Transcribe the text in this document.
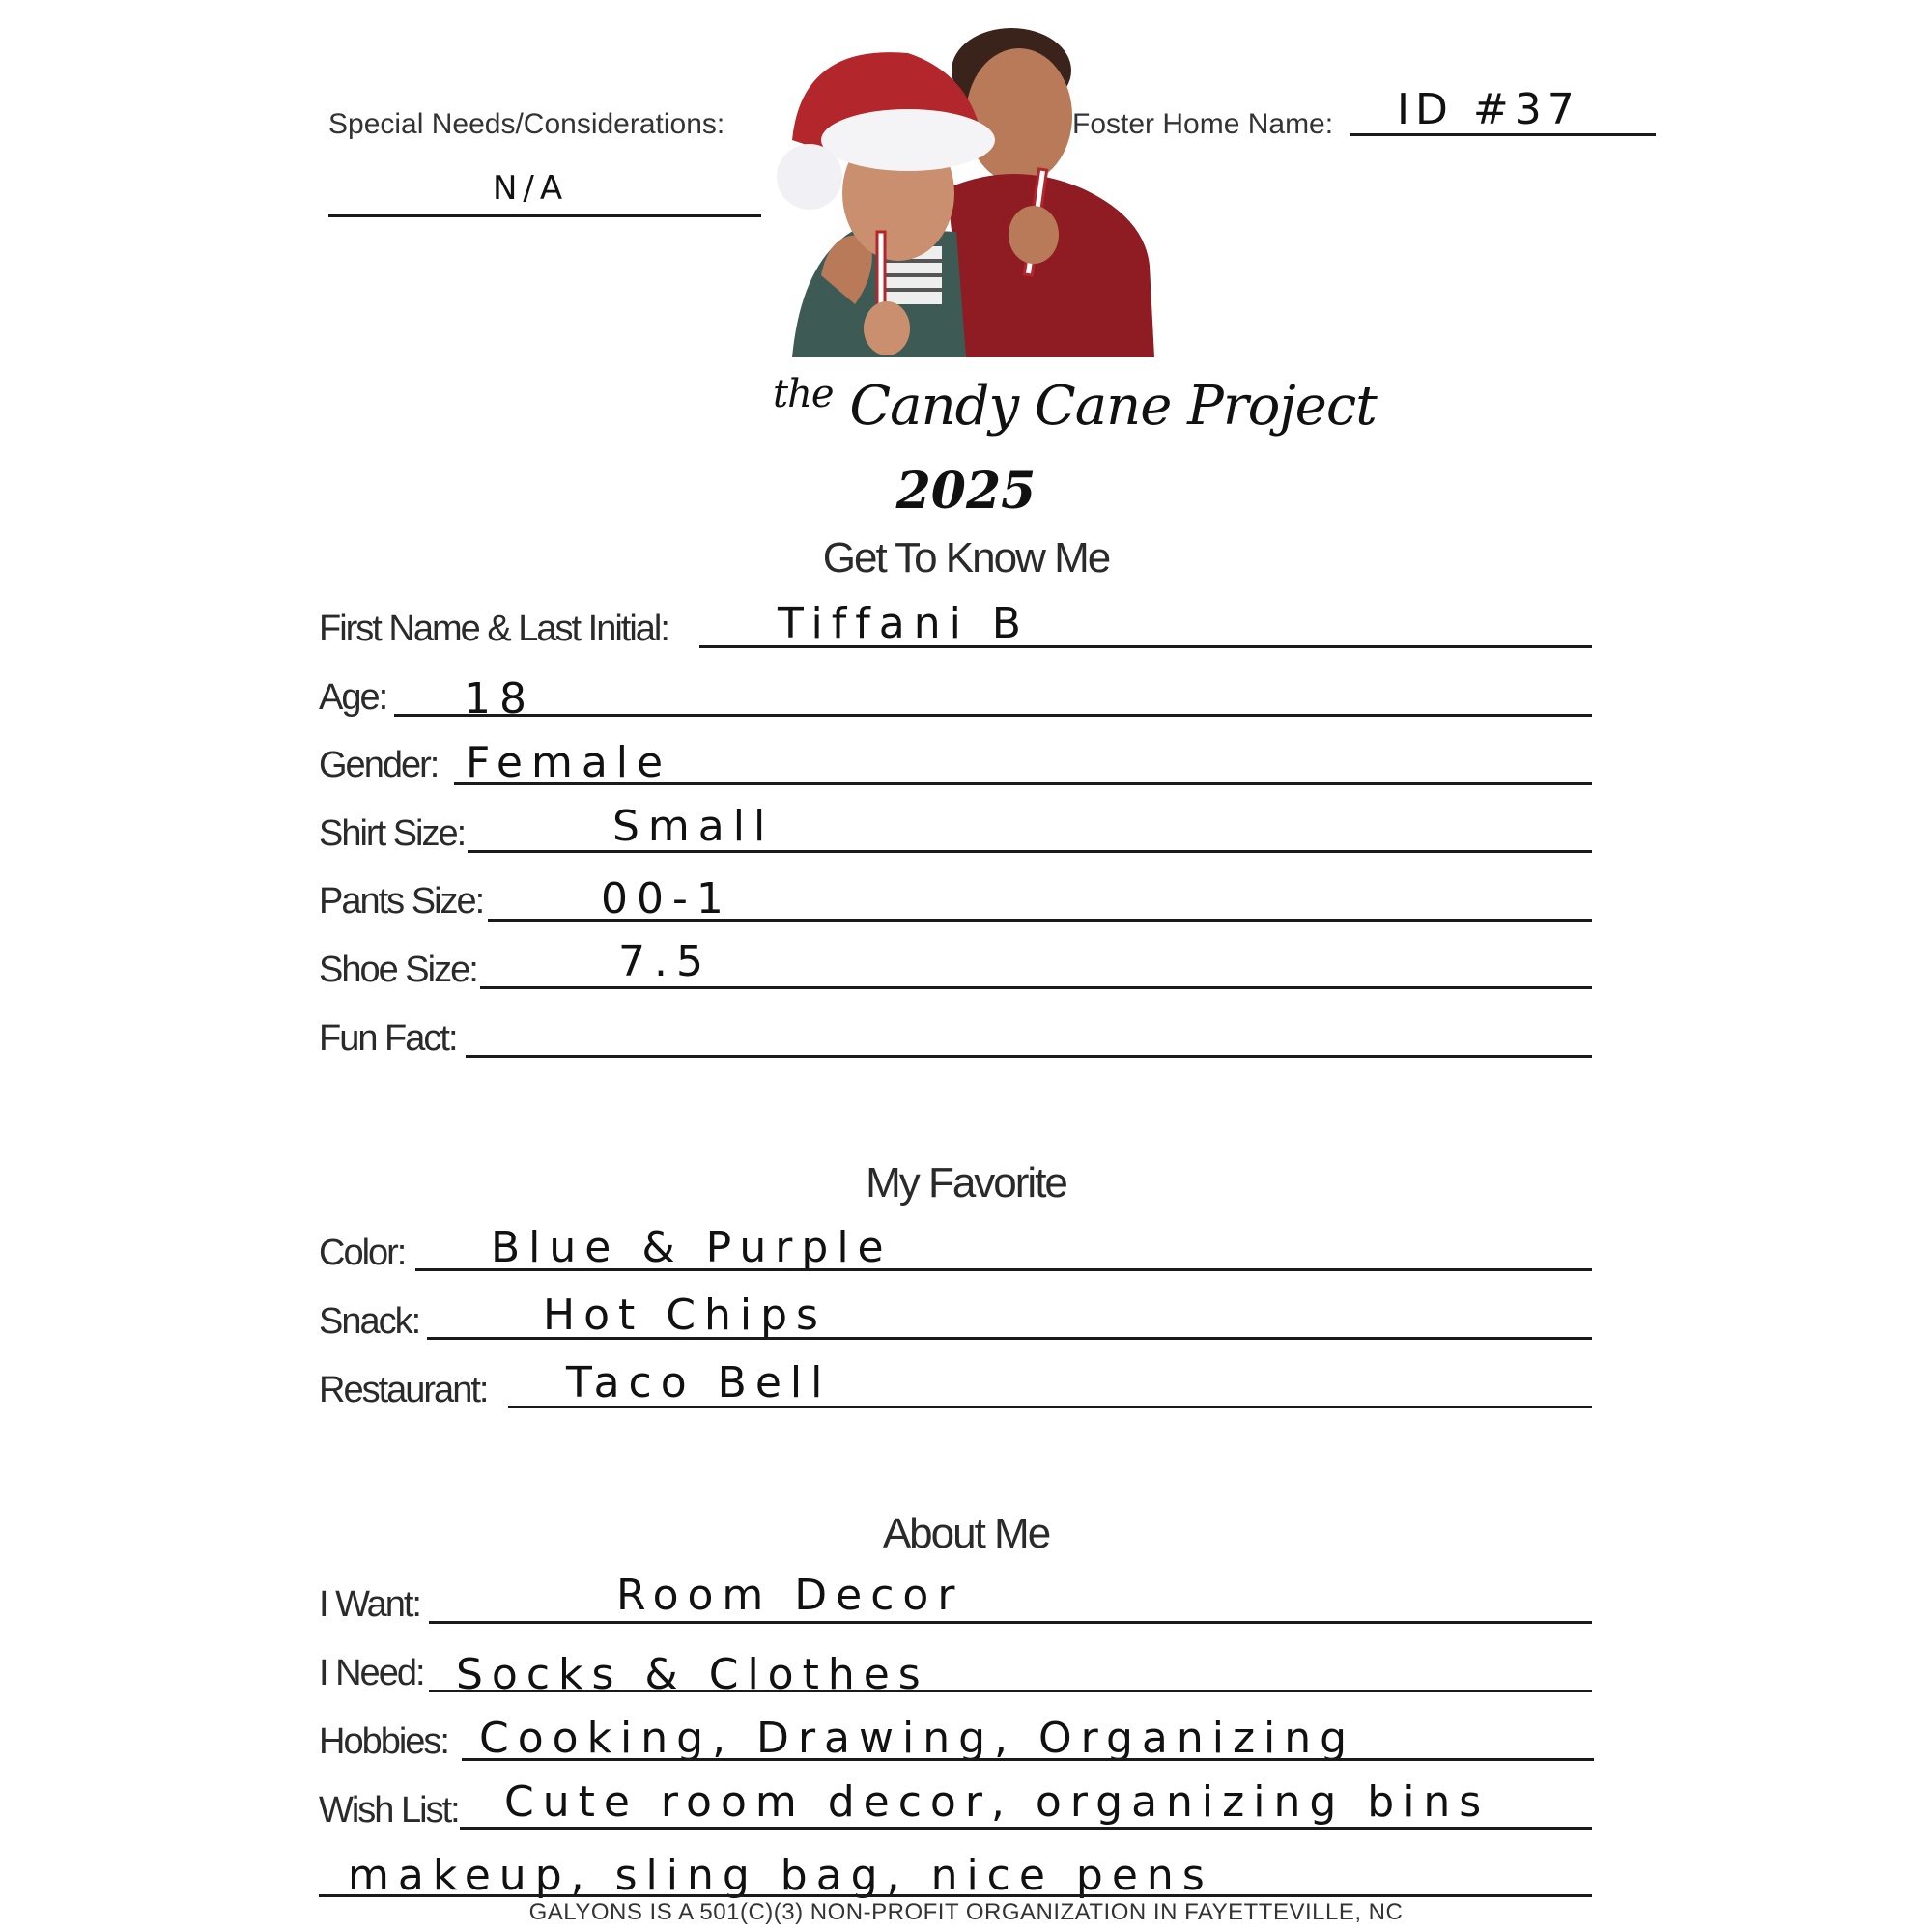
Special Needs/Considerations:
N/A
Foster Home Name: ID #37
$^{the}$ Candy Cane Project
2025
Get To Know Me
First Name & Last Initial:	Tiffani B
Age: 18
Gender: Female
Shirt Size:	Small
Pants Size:	00-1
Shoe Size:	7.5
Fun Fact:
My Favorite
Color: Blue & Purple
Snack:	Hot Chips
Restaurant: Taco Bell
About Me
I Want:	Room Decor
I Need: Socks & Clothes
Hobbies: Cooking, Drawing, Organizing
Wish List: Cute room decor, organizing bins
makeup, sling bag, nice pens
GALYONS IS A 501(C)(3) NON-PROFIT ORGANIZATION IN FAYETTEVILLE, NC
